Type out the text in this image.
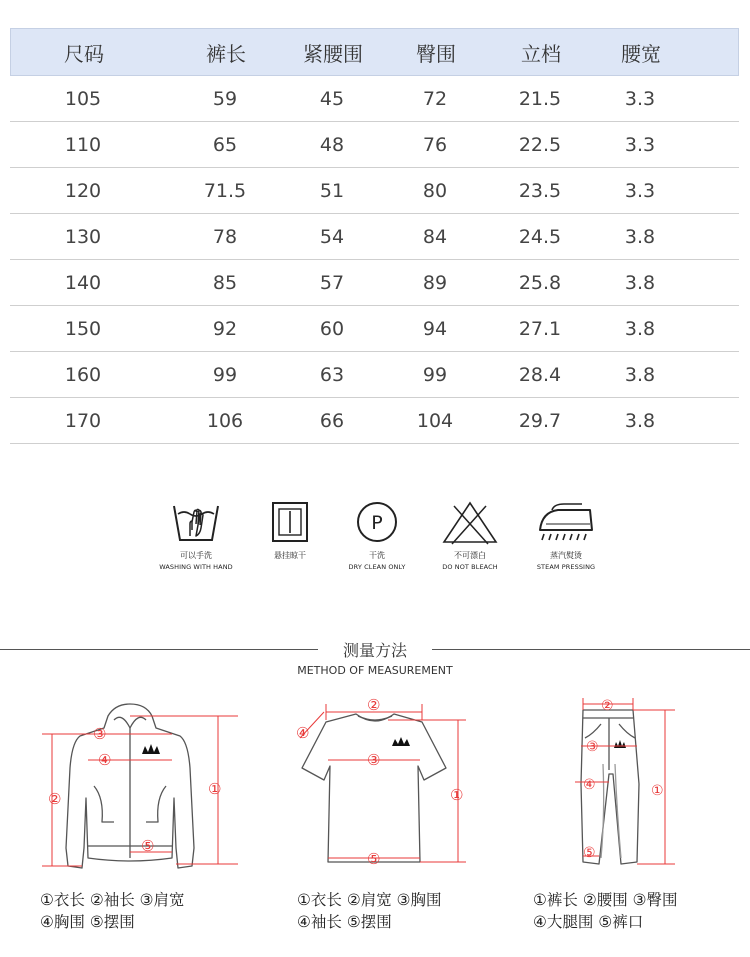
尺码	裤长	紧腰围	臀围	立档	腰宽
105	59	45	72	21.5	3.3
110	65	48	76	22.5	3.3
120	71.5	51	80	23.5	3.3
130	78	54	84	24.5	3.8
140	85	57	89	25.8	3.8
150	92	60	94	27.1	3.8
160	99	63	99	28.4	3.8
170	106	66	104	29.7	3.8
可以手洗
WASHING WITH HAND
悬挂晾干
P
干洗
DRY CLEAN ONLY
不可漂白
DO NOT BLEACH
蒸汽熨烫
STEAM PRESSING
测量方法
METHOD OF MEASUREMENT
①
②
③
④
⑤
①
②
③
④
⑤
①
②
③
④
⑤
①衣长 ②袖长 ③肩宽
④胸围 ⑤摆围
①衣长 ②肩宽 ③胸围
④袖长 ⑤摆围
①裤长 ②腰围 ③臀围
④大腿围 ⑤裤口
